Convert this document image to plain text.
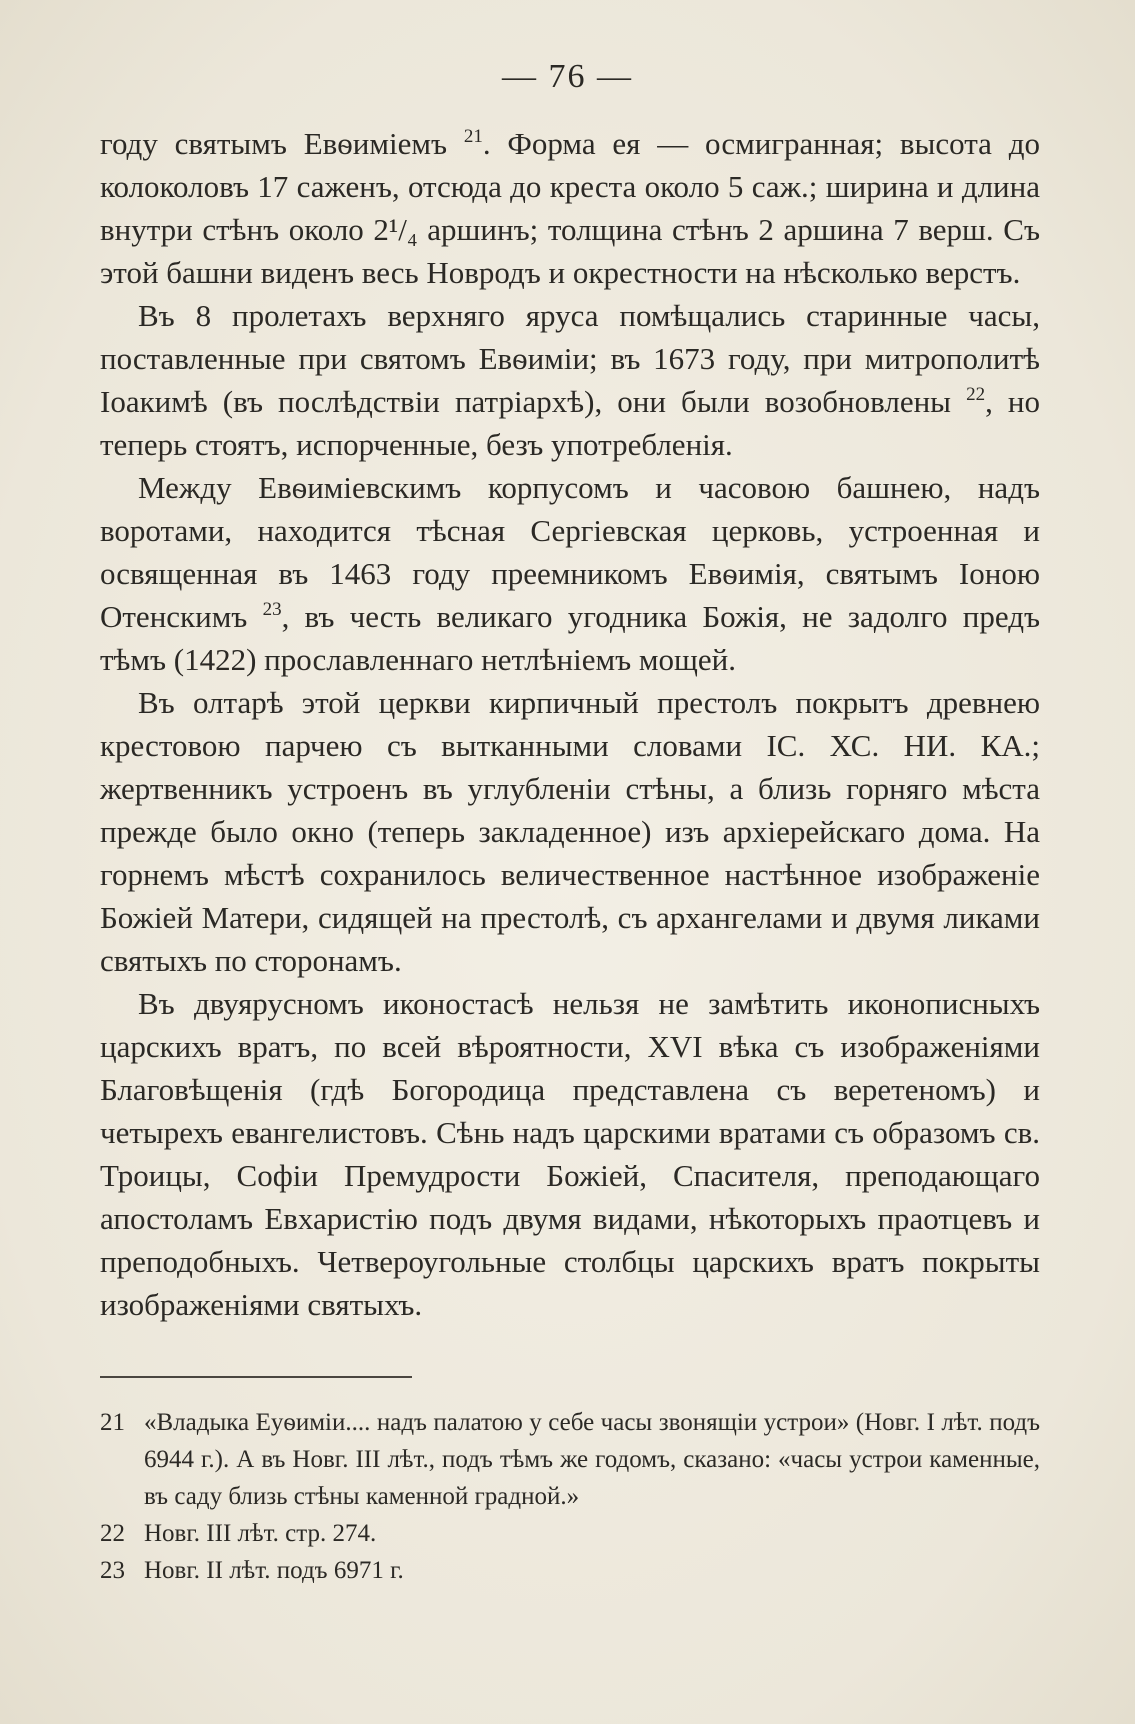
— 76 —

году святымъ Евѳиміемъ $^{21}$. Форма ея — осмигранная; высота до колоколовъ 17 саженъ, отсюда до креста около 5 саж.; ширина и длина внутри стѣнъ около 2¹/₄ аршинъ; толщина стѣнъ 2 аршина 7 верш. Съ этой башни виденъ весь Новродъ и окрестности на нѣсколько верстъ.

Въ 8 пролетахъ верхняго яруса помѣщались старинные часы, поставленные при святомъ Евѳиміи; въ 1673 году, при митрополитѣ Іоакимѣ (въ послѣдствіи патріархѣ), они были возобновлены $^{22}$, но теперь стоятъ, испорченные, безъ употребленія.

Между Евѳиміевскимъ корпусомъ и часовою башнею, надъ воротами, находится тѣсная Сергіевская церковь, устроенная и освященная въ 1463 году преемникомъ Евѳимія, святымъ Іоною Отенскимъ $^{23}$, въ честь великаго угодника Божія, не задолго предъ тѣмъ (1422) прославленнаго нетлѣніемъ мощей.

Въ олтарѣ этой церкви кирпичный престолъ покрытъ древнею крестовою парчею съ вытканными словами IС. ХС. НИ. КА.; жертвенникъ устроенъ въ углубленіи стѣны, а близь горняго мѣста прежде было окно (теперь закладенное) изъ архіерейскаго дома. На горнемъ мѣстѣ сохранилось величественное настѣнное изображеніе Божіей Матери, сидящей на престолѣ, съ архангелами и двумя ликами святыхъ по сторонамъ.

Въ двуярусномъ иконостасѣ нельзя не замѣтить иконописныхъ царскихъ вратъ, по всей вѣроятности, XVI вѣка съ изображеніями Благовѣщенія (гдѣ Богородица представлена съ веретеномъ) и четырехъ евангелистовъ. Сѣнь надъ царскими вратами съ образомъ св. Троицы, Софіи Премудрости Божіей, Спасителя, преподающаго апостоламъ Евхаристію подъ двумя видами, нѣкоторыхъ праотцевъ и преподобныхъ. Четвероугольные столбцы царскихъ вратъ покрыты изображеніями святыхъ.

21 «Владыка Еуѳиміи.... надъ палатою у себе часы звонящіи устрои» (Новг. I лѣт. подъ 6944 г.). А въ Новг. III лѣт., подъ тѣмъ же годомъ, сказано: «часы устрои каменные, въ саду близь стѣны каменной градной.»
22 Новг. III лѣт. стр. 274.
23 Новг. II лѣт. подъ 6971 г.
